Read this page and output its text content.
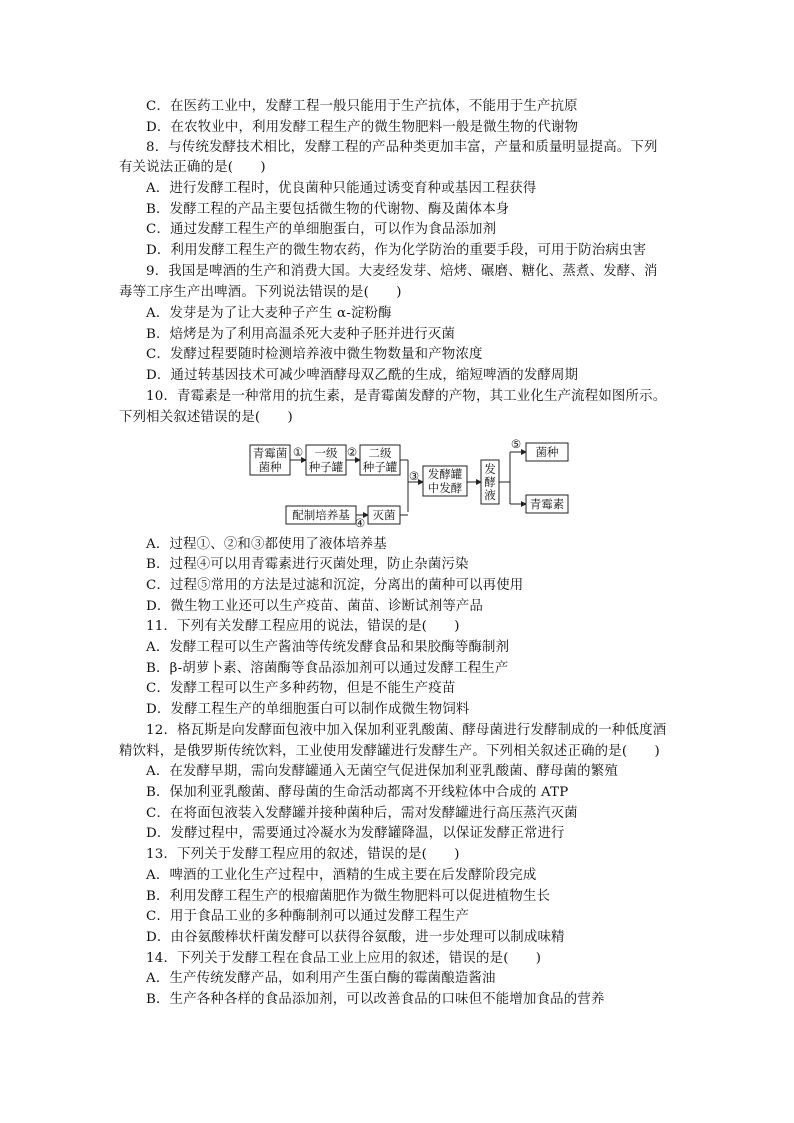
C．在医药工业中，发酵工程一般只能用于生产抗体，不能用于生产抗原
D．在农牧业中，利用发酵工程生产的微生物肥料一般是微生物的代谢物
8．与传统发酵技术相比，发酵工程的产品种类更加丰富，产量和质量明显提高。下列
有关说法正确的是(　　)
A．进行发酵工程时，优良菌种只能通过诱变育种或基因工程获得
B．发酵工程的产品主要包括微生物的代谢物、酶及菌体本身
C．通过发酵工程生产的单细胞蛋白，可以作为食品添加剂
D．利用发酵工程生产的微生物农药，作为化学防治的重要手段，可用于防治病虫害
9．我国是啤酒的生产和消费大国。大麦经发芽、焙烤、碾磨、糖化、蒸煮、发酵、消
毒等工序生产出啤酒。下列说法错误的是(　　)
A．发芽是为了让大麦种子产生 α-淀粉酶
B．焙烤是为了利用高温杀死大麦种子胚并进行灭菌
C．发酵过程要随时检测培养液中微生物数量和产物浓度
D．通过转基因技术可减少啤酒酵母双乙酰的生成，缩短啤酒的发酵周期
10．青霉素是一种常用的抗生素，是青霉菌发酵的产物，其工业化生产流程如图所示。
下列相关叙述错误的是(　　)
青霉菌
菌种
① 一级
种子罐
② 二级
种子罐
③ 发酵罐
中发酵
发
酵
液
⑤
菌种
青霉素
配制培养基
④
灭菌
A．过程①、②和③都使用了液体培养基
B．过程④可以用青霉素进行灭菌处理，防止杂菌污染
C．过程⑤常用的方法是过滤和沉淀，分离出的菌种可以再使用
D．微生物工业还可以生产疫苗、菌苗、诊断试剂等产品
11．下列有关发酵工程应用的说法，错误的是(　　)
A．发酵工程可以生产酱油等传统发酵食品和果胶酶等酶制剂
B．β-胡萝卜素、溶菌酶等食品添加剂可以通过发酵工程生产
C．发酵工程可以生产多种药物，但是不能生产疫苗
D．发酵工程生产的单细胞蛋白可以制作成微生物饲料
12．格瓦斯是向发酵面包液中加入保加利亚乳酸菌、酵母菌进行发酵制成的一种低度酒
精饮料，是俄罗斯传统饮料，工业使用发酵罐进行发酵生产。下列相关叙述正确的是(　　)
A．在发酵早期，需向发酵罐通入无菌空气促进保加利亚乳酸菌、酵母菌的繁殖
B．保加利亚乳酸菌、酵母菌的生命活动都离不开线粒体中合成的 ATP
C．在将面包液装入发酵罐并接种菌种后，需对发酵罐进行高压蒸汽灭菌
D．发酵过程中，需要通过冷凝水为发酵罐降温，以保证发酵正常进行
13．下列关于发酵工程应用的叙述，错误的是(　　)
A．啤酒的工业化生产过程中，酒精的生成主要在后发酵阶段完成
B．利用发酵工程生产的根瘤菌肥作为微生物肥料可以促进植物生长
C．用于食品工业的多种酶制剂可以通过发酵工程生产
D．由谷氨酸棒状杆菌发酵可以获得谷氨酸，进一步处理可以制成味精
14．下列关于发酵工程在食品工业上应用的叙述，错误的是(　　)
A．生产传统发酵产品，如利用产生蛋白酶的霉菌酿造酱油
B．生产各种各样的食品添加剂，可以改善食品的口味但不能增加食品的营养
